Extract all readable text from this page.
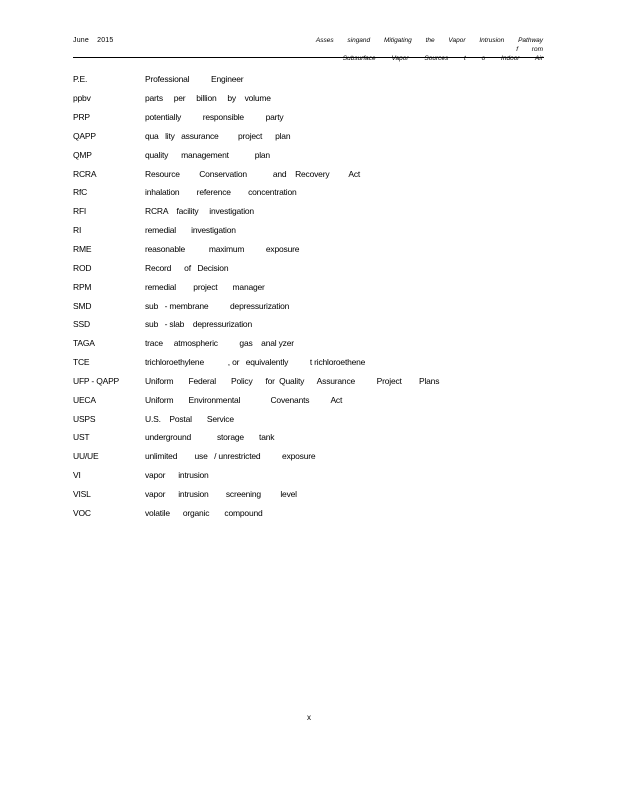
June 2015	Asses singand Mitigating the Vapor Intrusion Pathway f rom
Subsurface Vapor Sources t o Indoor Air
P.E.	Professional          Engineer
ppbv	parts     per     billion     by    volume
PRP	potentially          responsible          party
QAPP	qua   lity   assurance         project      plan
QMP	quality      management            plan
RCRA	Resource         Conservation            and    Recovery         Act
RfC	inhalation        reference        concentration
RFI	RCRA    facility     investigation
RI	remedial       investigation
RME	reasonable           maximum          exposure
ROD	Record      of   Decision
RPM	remedial        project       manager
SMD	sub   - membrane          depressurization
SSD	sub   - slab    depressurization
TAGA	trace     atmospheric          gas    anal yzer
TCE	trichloroethylene           , or   equivalently          t richloroethene
UFP - QAPP	Uniform       Federal       Policy      for  Quality      Assurance          Project        Plans
UECA	Uniform       Environmental              Covenants          Act
USPS	U.S.    Postal       Service
UST	underground            storage       tank
UU/UE	unlimited        use   / unrestricted          exposure
VI	vapor      intrusion
VISL	vapor      intrusion        screening         level
VOC	volatile      organic       compound
x
